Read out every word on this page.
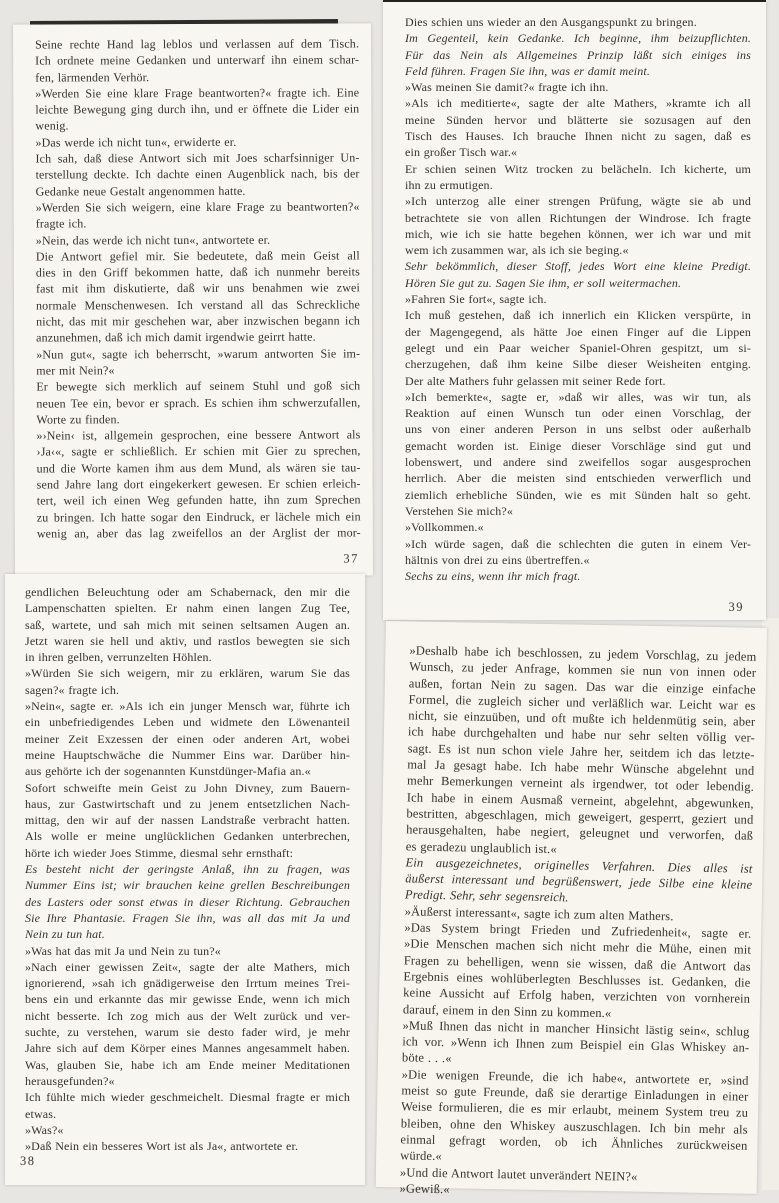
Seine rechte Hand lag leblos und verlassen auf dem Tisch.
Ich ordnete meine Gedanken und unterwarf ihn einem schar-
fen, lärmenden Verhör.
»Werden Sie eine klare Frage beantworten?« fragte ich. Eine
leichte Bewegung ging durch ihn, und er öffnete die Lider ein
wenig.
»Das werde ich nicht tun«, erwiderte er.
Ich sah, daß diese Antwort sich mit Joes scharfsinniger Un-
terstellung deckte. Ich dachte einen Augenblick nach, bis der
Gedanke neue Gestalt angenommen hatte.
»Werden Sie sich weigern, eine klare Frage zu beantworten?«
fragte ich.
»Nein, das werde ich nicht tun«, antwortete er.
Die Antwort gefiel mir. Sie bedeutete, daß mein Geist all
dies in den Griff bekommen hatte, daß ich nunmehr bereits
fast mit ihm diskutierte, daß wir uns benahmen wie zwei
normale Menschenwesen. Ich verstand all das Schreckliche
nicht, das mit mir geschehen war, aber inzwischen begann ich
anzunehmen, daß ich mich damit irgendwie geirrt hatte.
»Nun gut«, sagte ich beherrscht, »warum antworten Sie im-
mer mit Nein?«
Er bewegte sich merklich auf seinem Stuhl und goß sich
neuen Tee ein, bevor er sprach. Es schien ihm schwerzufallen,
Worte zu finden.
»›Nein‹ ist, allgemein gesprochen, eine bessere Antwort als
›Ja‹«, sagte er schließlich. Er schien mit Gier zu sprechen,
und die Worte kamen ihm aus dem Mund, als wären sie tau-
send Jahre lang dort eingekerkert gewesen. Er schien erleich-
tert, weil ich einen Weg gefunden hatte, ihn zum Sprechen
zu bringen. Ich hatte sogar den Eindruck, er lächele mich ein
wenig an, aber das lag zweifellos an der Arglist der mor-
37
gendlichen Beleuchtung oder am Schabernack, den mir die
Lampenschatten spielten. Er nahm einen langen Zug Tee,
saß, wartete, und sah mich mit seinen seltsamen Augen an.
Jetzt waren sie hell und aktiv, und rastlos bewegten sie sich
in ihren gelben, verrunzelten Höhlen.
»Würden Sie sich weigern, mir zu erklären, warum Sie das
sagen?« fragte ich.
»Nein«, sagte er. »Als ich ein junger Mensch war, führte ich
ein unbefriedigendes Leben und widmete den Löwenanteil
meiner Zeit Exzessen der einen oder anderen Art, wobei
meine Hauptschwäche die Nummer Eins war. Darüber hin-
aus gehörte ich der sogenannten Kunstdünger-Mafia an.«
Sofort schweifte mein Geist zu John Divney, zum Bauern-
haus, zur Gastwirtschaft und zu jenem entsetzlichen Nach-
mittag, den wir auf der nassen Landstraße verbracht hatten.
Als wolle er meine unglücklichen Gedanken unterbrechen,
hörte ich wieder Joes Stimme, diesmal sehr ernsthaft:
Es besteht nicht der geringste Anlaß, ihn zu fragen, was
Nummer Eins ist; wir brauchen keine grellen Beschreibungen
des Lasters oder sonst etwas in dieser Richtung. Gebrauchen
Sie Ihre Phantasie. Fragen Sie ihn, was all das mit Ja und
Nein zu tun hat.
»Was hat das mit Ja und Nein zu tun?«
»Nach einer gewissen Zeit«, sagte der alte Mathers, mich
ignorierend, »sah ich gnädigerweise den Irrtum meines Trei-
bens ein und erkannte das mir gewisse Ende, wenn ich mich
nicht besserte. Ich zog mich aus der Welt zurück und ver-
suchte, zu verstehen, warum sie desto fader wird, je mehr
Jahre sich auf dem Körper eines Mannes angesammelt haben.
Was, glauben Sie, habe ich am Ende meiner Meditationen
herausgefunden?«
Ich fühlte mich wieder geschmeichelt. Diesmal fragte er mich
etwas.
»Was?«
»Daß Nein ein besseres Wort ist als Ja«, antwortete er.
38
Dies schien uns wieder an den Ausgangspunkt zu bringen.
Im Gegenteil, kein Gedanke. Ich beginne, ihm beizupflichten.
Für das Nein als Allgemeines Prinzip läßt sich einiges ins
Feld führen. Fragen Sie ihn, was er damit meint.
»Was meinen Sie damit?« fragte ich ihn.
»Als ich meditierte«, sagte der alte Mathers, »kramte ich all
meine Sünden hervor und blätterte sie sozusagen auf den
Tisch des Hauses. Ich brauche Ihnen nicht zu sagen, daß es
ein großer Tisch war.«
Er schien seinen Witz trocken zu belächeln. Ich kicherte, um
ihn zu ermutigen.
»Ich unterzog alle einer strengen Prüfung, wägte sie ab und
betrachtete sie von allen Richtungen der Windrose. Ich fragte
mich, wie ich sie hatte begehen können, wer ich war und mit
wem ich zusammen war, als ich sie beging.«
Sehr bekömmlich, dieser Stoff, jedes Wort eine kleine Predigt.
Hören Sie gut zu. Sagen Sie ihm, er soll weitermachen.
»Fahren Sie fort«, sagte ich.
Ich muß gestehen, daß ich innerlich ein Klicken verspürte, in
der Magengegend, als hätte Joe einen Finger auf die Lippen
gelegt und ein Paar weicher Spaniel-Ohren gespitzt, um si-
cherzugehen, daß ihm keine Silbe dieser Weisheiten entging.
Der alte Mathers fuhr gelassen mit seiner Rede fort.
»Ich bemerkte«, sagte er, »daß wir alles, was wir tun, als
Reaktion auf einen Wunsch tun oder einen Vorschlag, der
uns von einer anderen Person in uns selbst oder außerhalb
gemacht worden ist. Einige dieser Vorschläge sind gut und
lobenswert, und andere sind zweifellos sogar ausgesprochen
herrlich. Aber die meisten sind entschieden verwerflich und
ziemlich erhebliche Sünden, wie es mit Sünden halt so geht.
Verstehen Sie mich?«
»Vollkommen.«
»Ich würde sagen, daß die schlechten die guten in einem Ver-
hältnis von drei zu eins übertreffen.«
Sechs zu eins, wenn ihr mich fragt.
39
»Deshalb habe ich beschlossen, zu jedem Vorschlag, zu jedem
Wunsch, zu jeder Anfrage, kommen sie nun von innen oder
außen, fortan Nein zu sagen. Das war die einzige einfache
Formel, die zugleich sicher und verläßlich war. Leicht war es
nicht, sie einzuüben, und oft mußte ich heldenmütig sein, aber
ich habe durchgehalten und habe nur sehr selten völlig ver-
sagt. Es ist nun schon viele Jahre her, seitdem ich das letzte-
mal Ja gesagt habe. Ich habe mehr Wünsche abgelehnt und
mehr Bemerkungen verneint als irgendwer, tot oder lebendig.
Ich habe in einem Ausmaß verneint, abgelehnt, abgewunken,
bestritten, abgeschlagen, mich geweigert, gesperrt, geziert und
herausgehalten, habe negiert, geleugnet und verworfen, daß
es geradezu unglaublich ist.«
Ein ausgezeichnetes, originelles Verfahren. Dies alles ist
äußerst interessant und begrüßenswert, jede Silbe eine kleine
Predigt. Sehr, sehr segensreich.
»Äußerst interessant«, sagte ich zum alten Mathers.
»Das System bringt Frieden und Zufriedenheit«, sagte er.
»Die Menschen machen sich nicht mehr die Mühe, einen mit
Fragen zu behelligen, wenn sie wissen, daß die Antwort das
Ergebnis eines wohlüberlegten Beschlusses ist. Gedanken, die
keine Aussicht auf Erfolg haben, verzichten von vornherein
darauf, einem in den Sinn zu kommen.«
»Muß Ihnen das nicht in mancher Hinsicht lästig sein«, schlug
ich vor. »Wenn ich Ihnen zum Beispiel ein Glas Whiskey an-
böte . . .«
»Die wenigen Freunde, die ich habe«, antwortete er, »sind
meist so gute Freunde, daß sie derartige Einladungen in einer
Weise formulieren, die es mir erlaubt, meinem System treu zu
bleiben, ohne den Whiskey auszuschlagen. Ich bin mehr als
einmal gefragt worden, ob ich Ähnliches zurückweisen
würde.«
»Und die Antwort lautet unverändert NEIN?«
»Gewiß.«
